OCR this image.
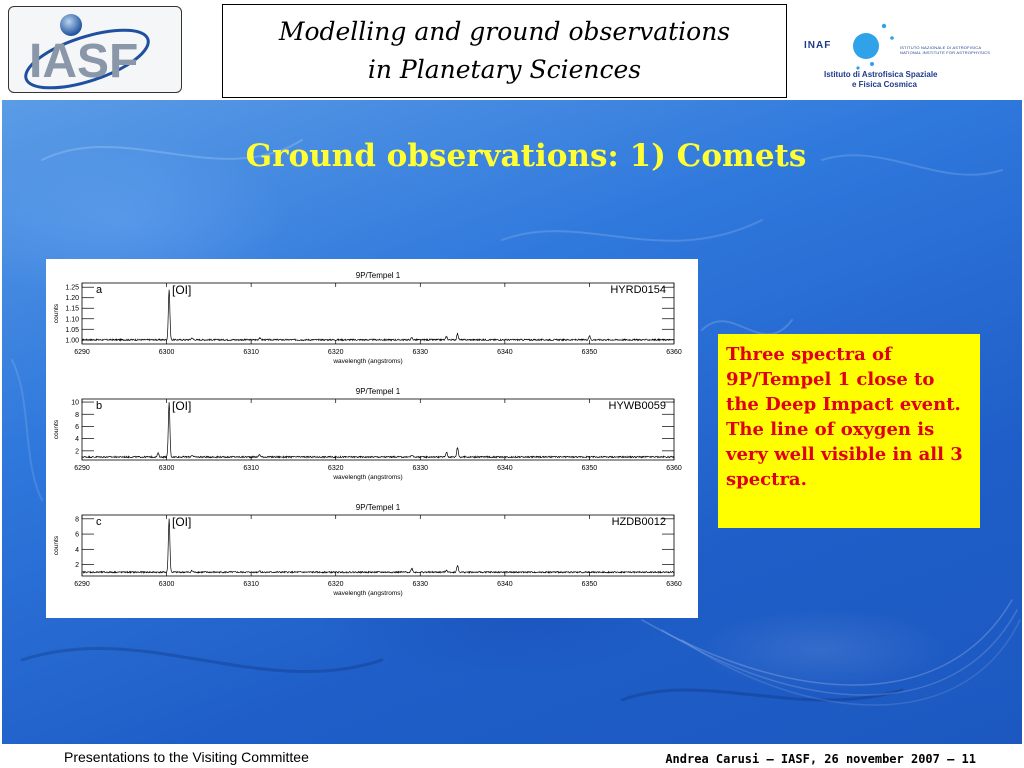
IASF
Modelling and ground observations in Planetary Sciences
INAF	ISTITUTO NAZIONALE DI ASTROFISICA
NATIONAL INSTITUTE FOR ASTROPHYSICS
Istituto di Astrofisica Spaziale
e Fisica Cosmica
Ground observations: 1) Comets
9P/Tempel 1
6290	6300	6310	6320	6330	6340	6350	6360
1.00
1.05
1.10
1.15
1.20
1.25
counts
wavelength (angstroms)
a	[OI]	HYRD0154
9P/Tempel 1
6290	6300	6310	6320	6330	6340	6350	6360
2
4
6
8
10
counts
wavelength (angstroms)
b	[OI]	HYWB0059
9P/Tempel 1
6290	6300	6310	6320	6330	6340	6350	6360
2
4
6
8
counts
wavelength (angstroms)
c	[OI]	HZDB0012
Three spectra of 9P/Tempel 1 close to the Deep Impact event. The line of oxygen is very well visible in all 3 spectra.
Presentations to the Visiting Committee	Andrea Carusi – IASF, 26 november 2007 – 11
